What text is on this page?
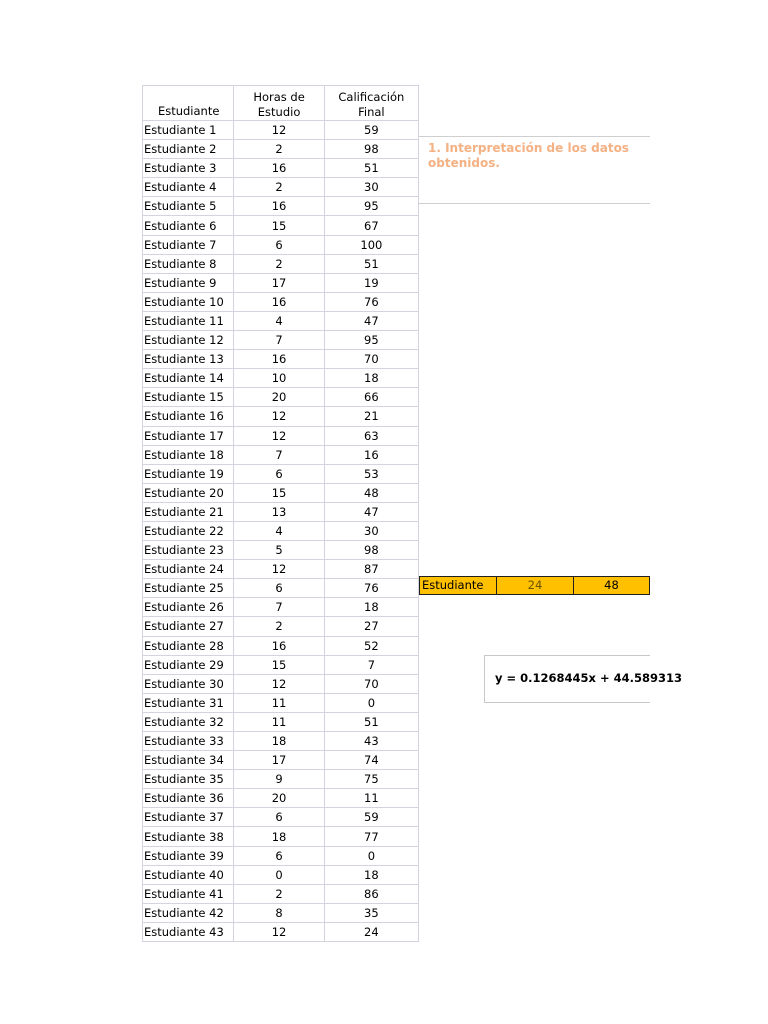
Estudiante	Horas de Estudio	Calificación Final
Estudiante 1	12	59
Estudiante 2	2	98
Estudiante 3	16	51
Estudiante 4	2	30
Estudiante 5	16	95
Estudiante 6	15	67
Estudiante 7	6	100
Estudiante 8	2	51
Estudiante 9	17	19
Estudiante 10	16	76
Estudiante 11	4	47
Estudiante 12	7	95
Estudiante 13	16	70
Estudiante 14	10	18
Estudiante 15	20	66
Estudiante 16	12	21
Estudiante 17	12	63
Estudiante 18	7	16
Estudiante 19	6	53
Estudiante 20	15	48
Estudiante 21	13	47
Estudiante 22	4	30
Estudiante 23	5	98
Estudiante 24	12	87
Estudiante 25	6	76
Estudiante 26	7	18
Estudiante 27	2	27
Estudiante 28	16	52
Estudiante 29	15	7
Estudiante 30	12	70
Estudiante 31	11	0
Estudiante 32	11	51
Estudiante 33	18	43
Estudiante 34	17	74
Estudiante 35	9	75
Estudiante 36	20	11
Estudiante 37	6	59
Estudiante 38	18	77
Estudiante 39	6	0
Estudiante 40	0	18
Estudiante 41	2	86
Estudiante 42	8	35
Estudiante 43	12	24
1. Interpretación de los datos obtenidos.
Estudiante	24	48
y = 0.1268445x + 44.589313
